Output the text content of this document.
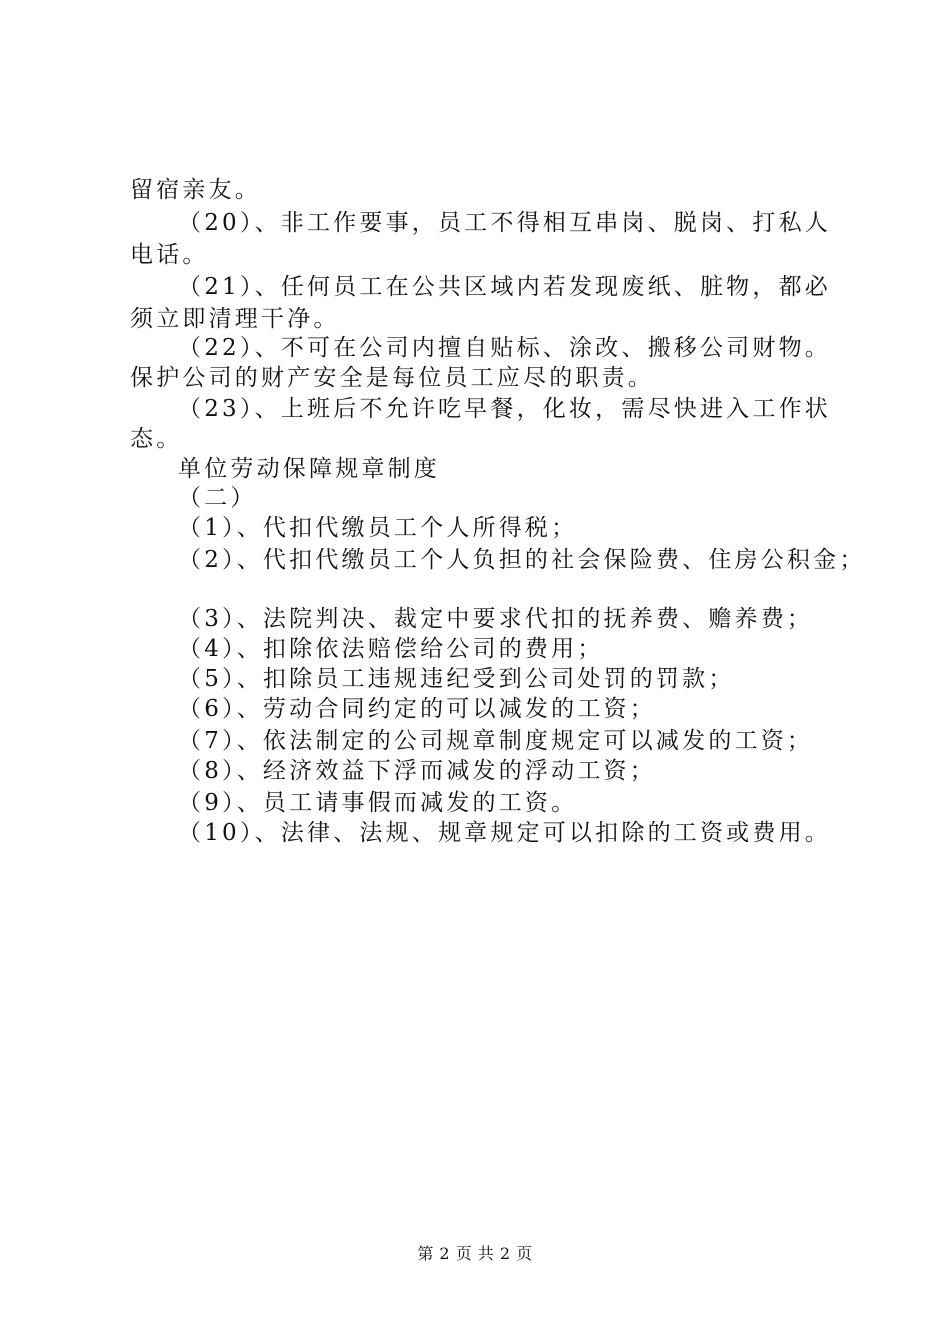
留宿亲友。
（20）、非工作要事，员工不得相互串岗、脱岗、打私人
电话。
（21）、任何员工在公共区域内若发现废纸、脏物，都必
须立即清理干净。
（22）、不可在公司内擅自贴标、涂改、搬移公司财物。
保护公司的财产安全是每位员工应尽的职责。
（23）、上班后不允许吃早餐，化妆，需尽快进入工作状
态。
单位劳动保障规章制度
（二）
（1）、代扣代缴员工个人所得税；
（2）、代扣代缴员工个人负担的社会保险费、住房公积金；
（3）、法院判决、裁定中要求代扣的抚养费、赡养费；
（4）、扣除依法赔偿给公司的费用；
（5）、扣除员工违规违纪受到公司处罚的罚款；
（6）、劳动合同约定的可以减发的工资；
（7）、依法制定的公司规章制度规定可以减发的工资；
（8）、经济效益下浮而减发的浮动工资；
（9）、员工请事假而减发的工资。
（10）、法律、法规、规章规定可以扣除的工资或费用。
第 2 页 共 2 页
